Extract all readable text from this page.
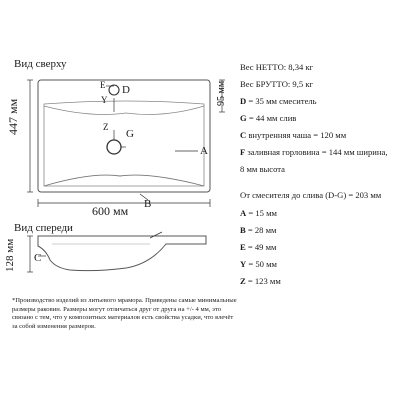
Вид сверху
Вид спереди
447 мм
95 мм
600 мм
128 мм
E D
Y
Z
G
A
B
C
Вес НЕТТО: 8,34 кг
Вес БРУТТО: 9,5 кг
D = 35 мм смеситель
G = 44 мм слив
C внутренняя чаша = 120 мм
F заливная горловина = 144 мм ширина,
8 мм высота
От смесителя до слива (D-G) = 203 мм
A = 15 мм
B = 28 мм
E = 49 мм
Y = 50 мм
Z = 123 мм
*Производство изделий из литьевого мрамора. Приведены самые минимальные размеры раковин. Размеры могут отличаться друг от друга на +/- 4 мм, это связано с тем, что у композитных материалов есть свойства усадки, что влечёт за собой изменения размеров.
